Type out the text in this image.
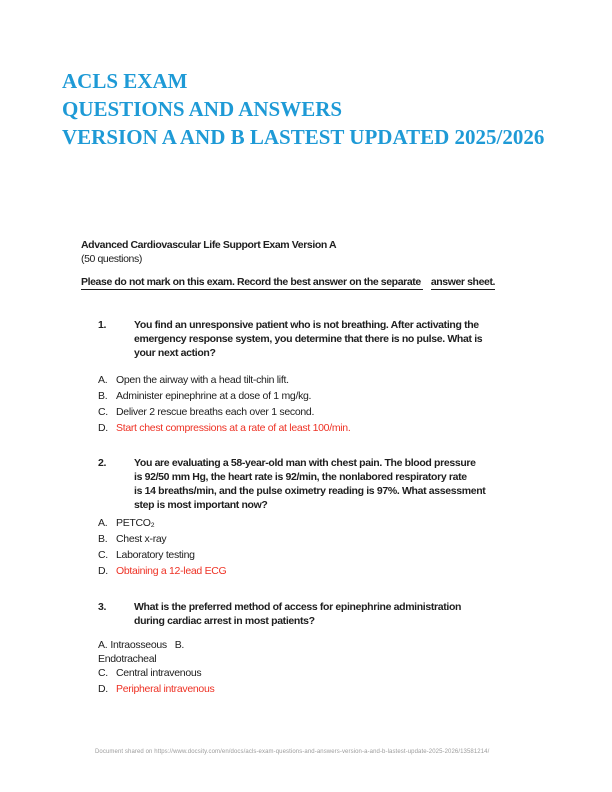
ACLS EXAM
QUESTIONS AND ANSWERS
VERSION A AND B LASTEST UPDATED 2025/2026
Advanced Cardiovascular Life Support Exam Version A
(50 questions)
Please do not mark on this exam. Record the best answer on the separate answer sheet.
1.	You find an unresponsive patient who is not breathing. After activating the
emergency response system, you determine that there is no pulse. What is
your next action?
A. Open the airway with a head tilt-chin lift.
B. Administer epinephrine at a dose of 1 mg/kg.
C. Deliver 2 rescue breaths each over 1 second.
D. Start chest compressions at a rate of at least 100/min.
2.	You are evaluating a 58-year-old man with chest pain. The blood pressure
is 92/50 mm Hg, the heart rate is 92/min, the nonlabored respiratory rate
is 14 breaths/min, and the pulse oximetry reading is 97%. What assessment
step is most important now?
A. PETCO₂
B. Chest x-ray
C. Laboratory testing
D. Obtaining a 12-lead ECG
3.	What is the preferred method of access for epinephrine administration
during cardiac arrest in most patients?
A. Intraosseous   B.
Endotracheal
C. Central intravenous
D. Peripheral intravenous
Document shared on https://www.docsity.com/en/docs/acls-exam-questions-and-answers-version-a-and-b-lastest-update-2025-2026/13581214/
